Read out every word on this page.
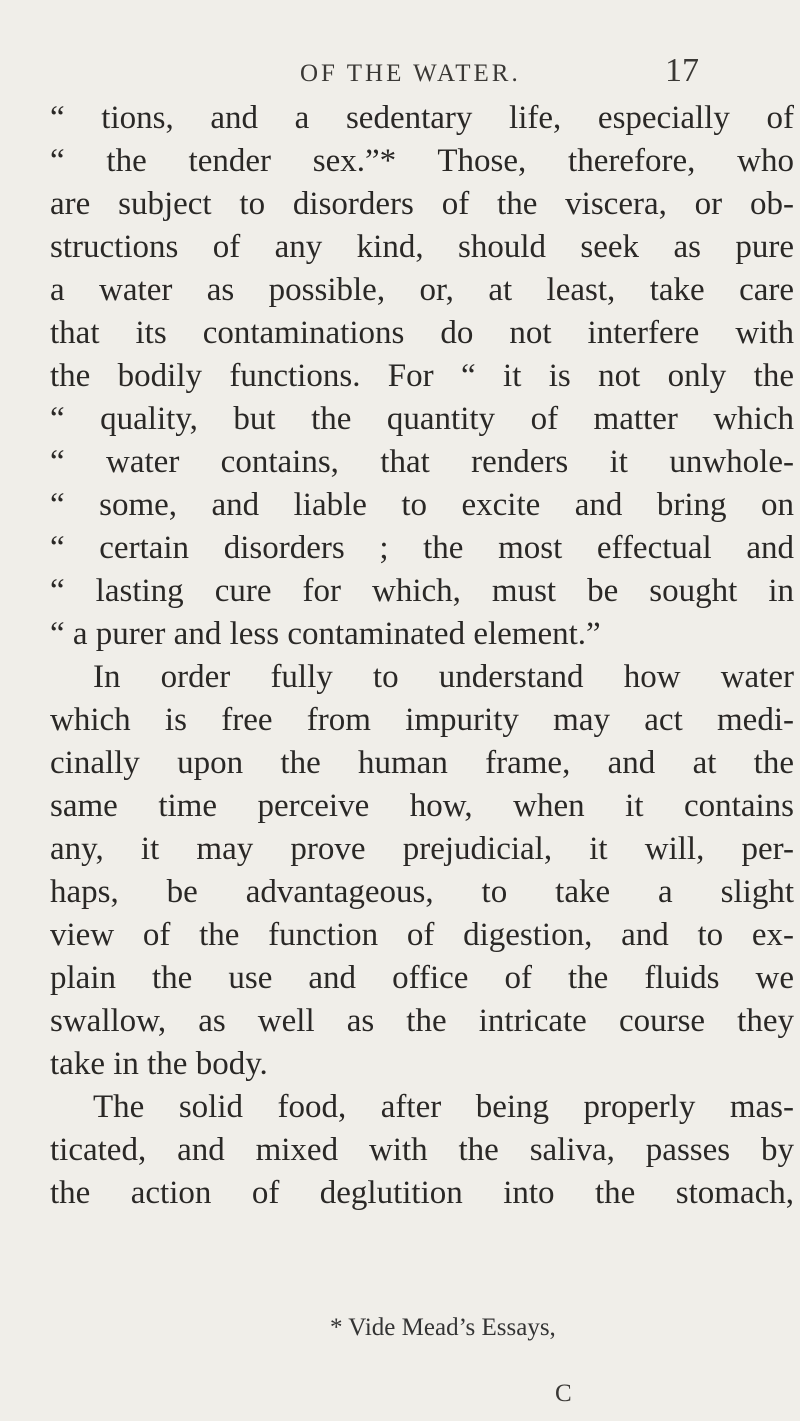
OF THE WATER.	17
“ tions, and a sedentary life, especially of
“ the tender sex.”* Those, therefore, who
are subject to disorders of the viscera, or ob-
structions of any kind, should seek as pure
a water as possible, or, at least, take care
that its contaminations do not interfere with
the bodily functions. For “ it is not only the
“ quality, but the quantity of matter which
“ water contains, that renders it unwhole-
“ some, and liable to excite and bring on
“ certain disorders ; the most effectual and
“ lasting cure for which, must be sought in
“ a purer and less contaminated element.”
In order fully to understand how water
which is free from impurity may act medi-
cinally upon the human frame, and at the
same time perceive how, when it contains
any, it may prove prejudicial, it will, per-
haps, be advantageous, to take a slight
view of the function of digestion, and to ex-
plain the use and office of the fluids we
swallow, as well as the intricate course they
take in the body.
The solid food, after being properly mas-
ticated, and mixed with the saliva, passes by
the action of deglutition into the stomach,
* Vide Mead’s Essays,
C
